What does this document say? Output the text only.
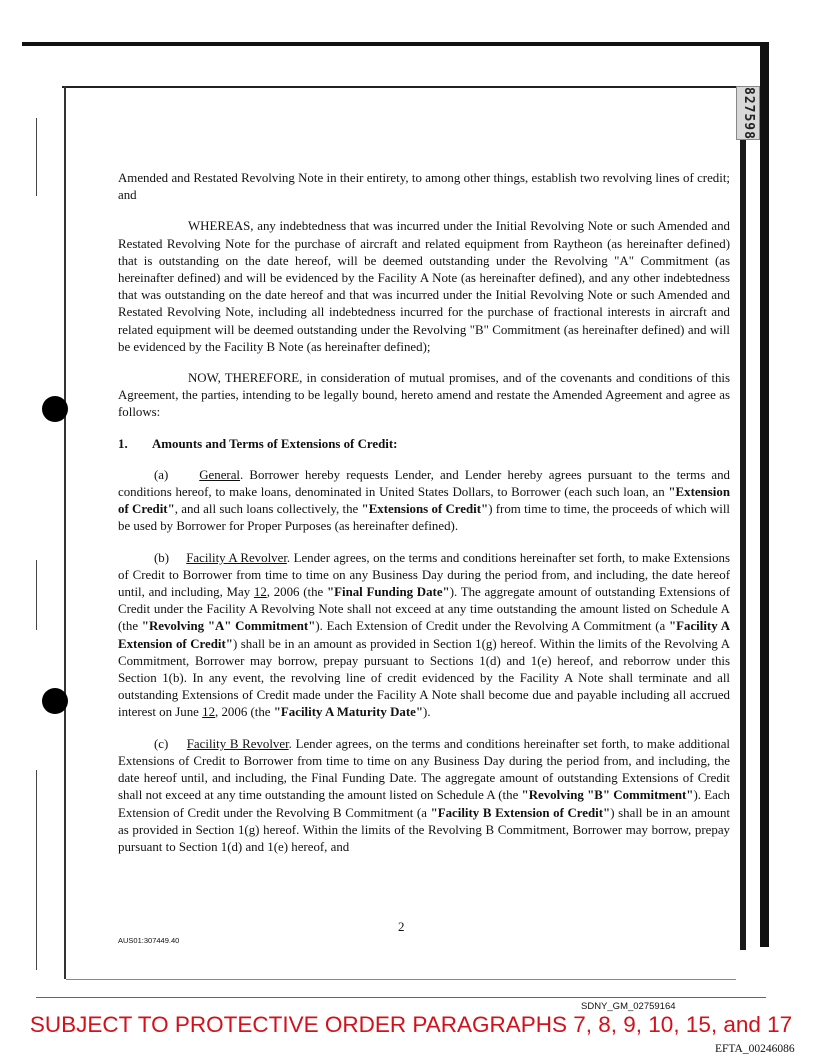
827598

Amended and Restated Revolving Note in their entirety, to among other things, establish two revolving lines of credit; and

WHEREAS, any indebtedness that was incurred under the Initial Revolving Note or such Amended and Restated Revolving Note for the purchase of aircraft and related equipment from Raytheon (as hereinafter defined) that is outstanding on the date hereof, will be deemed outstanding under the Revolving "A" Commitment (as hereinafter defined) and will be evidenced by the Facility A Note (as hereinafter defined), and any other indebtedness that was outstanding on the date hereof and that was incurred under the Initial Revolving Note or such Amended and Restated Revolving Note, including all indebtedness incurred for the purchase of fractional interests in aircraft and related equipment will be deemed outstanding under the Revolving "B" Commitment (as hereinafter defined) and will be evidenced by the Facility B Note (as hereinafter defined);

NOW, THEREFORE, in consideration of mutual promises, and of the covenants and conditions of this Agreement, the parties, intending to be legally bound, hereto amend and restate the Amended Agreement and agree as follows:

1.	Amounts and Terms of Extensions of Credit:

(a) General. Borrower hereby requests Lender, and Lender hereby agrees pursuant to the terms and conditions hereof, to make loans, denominated in United States Dollars, to Borrower (each such loan, an "Extension of Credit", and all such loans collectively, the "Extensions of Credit") from time to time, the proceeds of which will be used by Borrower for Proper Purposes (as hereinafter defined).

(b) Facility A Revolver. Lender agrees, on the terms and conditions hereinafter set forth, to make Extensions of Credit to Borrower from time to time on any Business Day during the period from, and including, the date hereof until, and including, May 12, 2006 (the "Final Funding Date"). The aggregate amount of outstanding Extensions of Credit under the Facility A Revolving Note shall not exceed at any time outstanding the amount listed on Schedule A (the "Revolving "A" Commitment"). Each Extension of Credit under the Revolving A Commitment (a "Facility A Extension of Credit") shall be in an amount as provided in Section 1(g) hereof. Within the limits of the Revolving A Commitment, Borrower may borrow, prepay pursuant to Sections 1(d) and 1(e) hereof, and reborrow under this Section 1(b). In any event, the revolving line of credit evidenced by the Facility A Note shall terminate and all outstanding Extensions of Credit made under the Facility A Note shall become due and payable including all accrued interest on June 12, 2006 (the "Facility A Maturity Date").

(c) Facility B Revolver. Lender agrees, on the terms and conditions hereinafter set forth, to make additional Extensions of Credit to Borrower from time to time on any Business Day during the period from, and including, the date hereof until, and including, the Final Funding Date. The aggregate amount of outstanding Extensions of Credit shall not exceed at any time outstanding the amount listed on Schedule A (the "Revolving "B" Commitment"). Each Extension of Credit under the Revolving B Commitment (a "Facility B Extension of Credit") shall be in an amount as provided in Section 1(g) hereof. Within the limits of the Revolving B Commitment, Borrower may borrow, prepay pursuant to Section 1(d) and 1(e) hereof, and

2
AUS01:307449.40
SDNY_GM_02759164
SUBJECT TO PROTECTIVE ORDER PARAGRAPHS 7, 8, 9, 10, 15, and 17
EFTA_00246086
